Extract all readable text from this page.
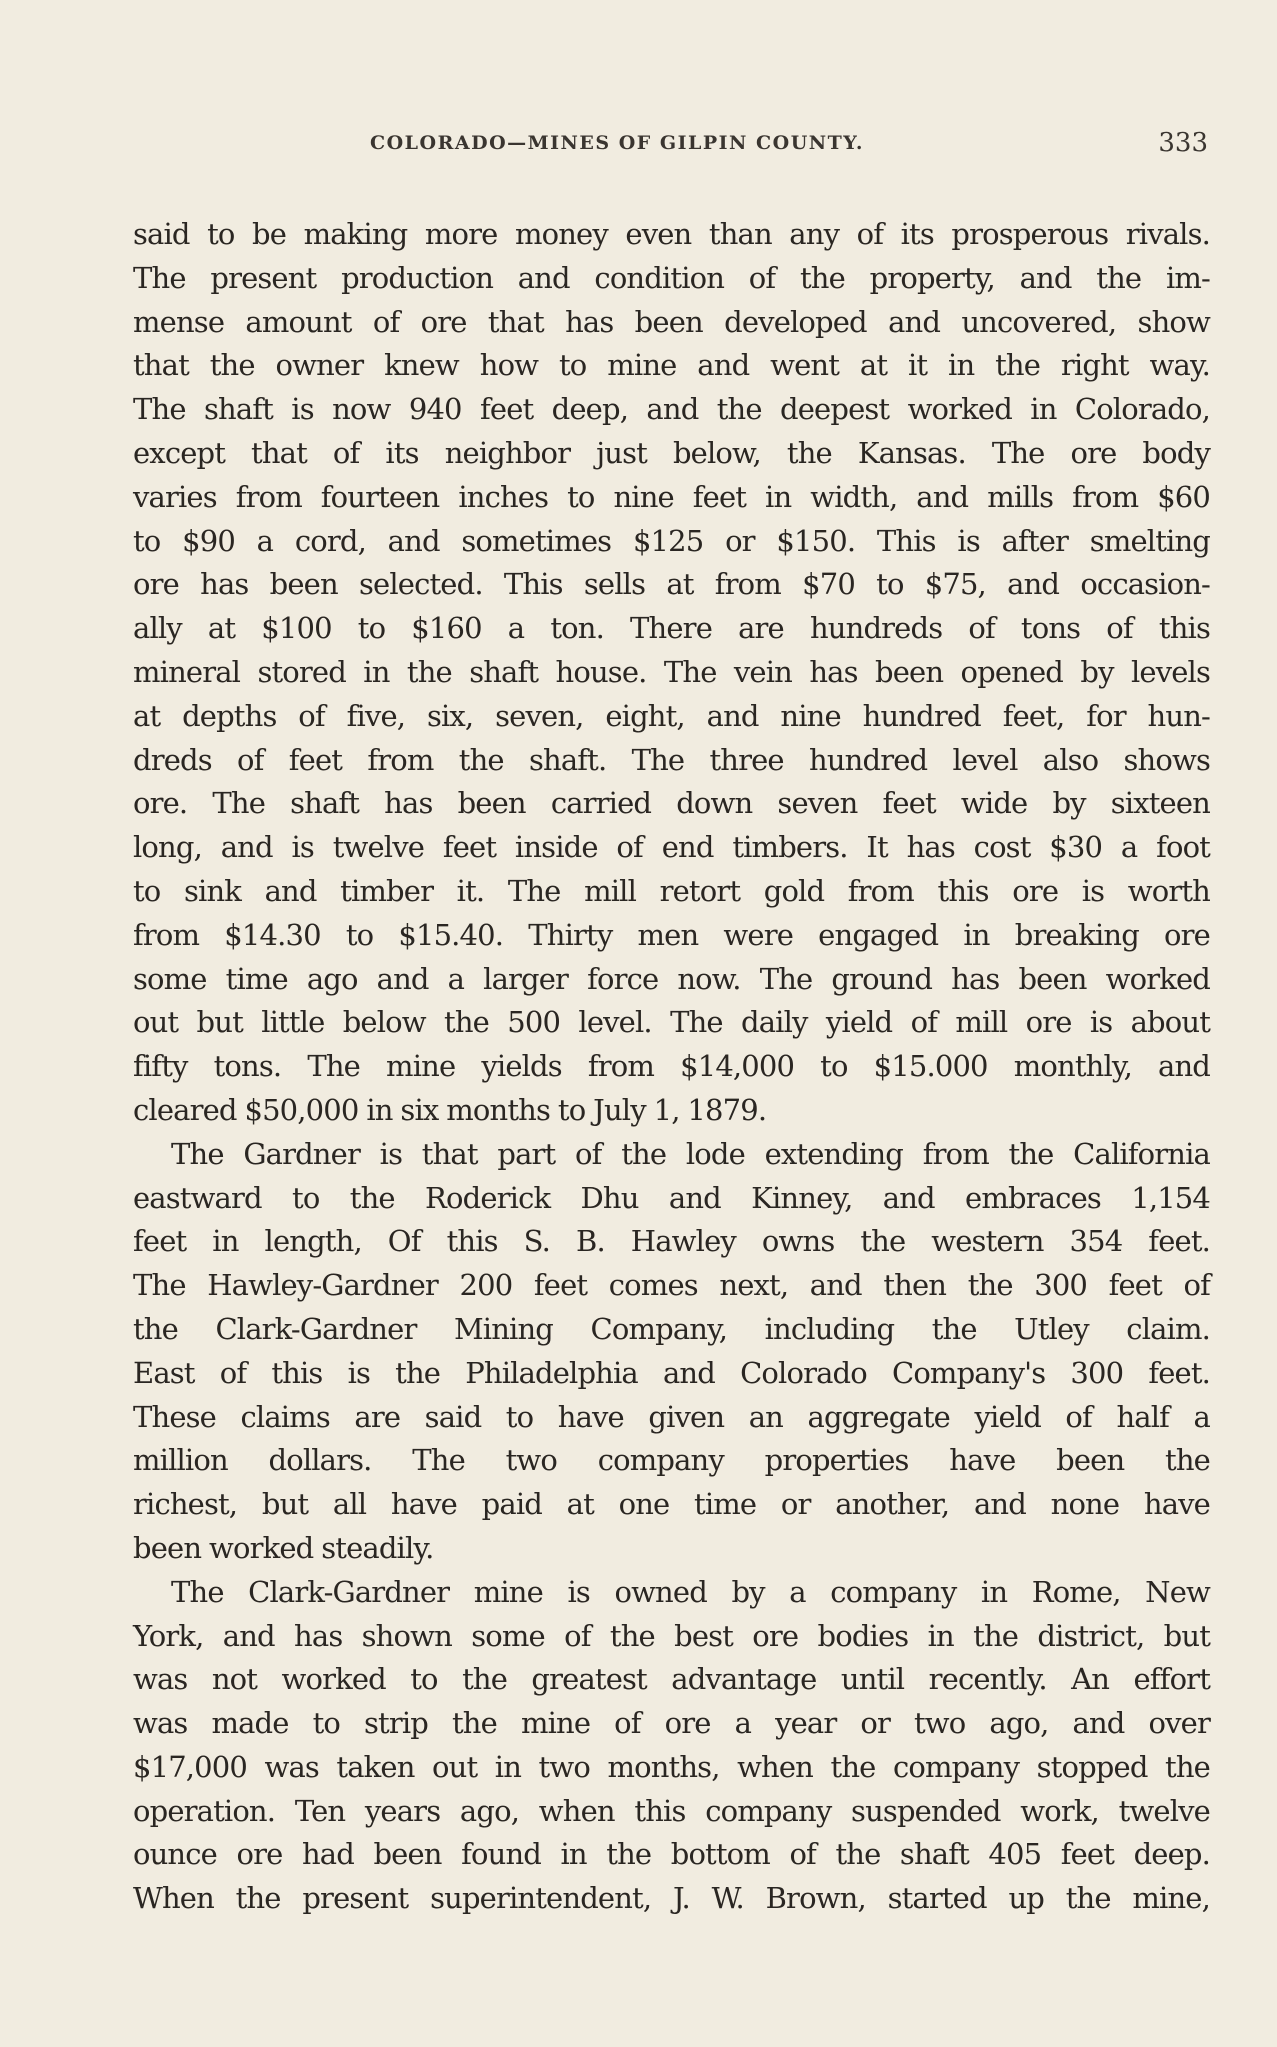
COLORADO—MINES OF GILPIN COUNTY.	333
said to be making more money even than any of its prosperous rivals.
The present production and condition of the property, and the im-
mense amount of ore that has been developed and uncovered, show
that the owner knew how to mine and went at it in the right way.
The shaft is now 940 feet deep, and the deepest worked in Colorado,
except that of its neighbor just below, the Kansas. The ore body
varies from fourteen inches to nine feet in width, and mills from $60
to $90 a cord, and sometimes $125 or $150. This is after smelting
ore has been selected. This sells at from $70 to $75, and occasion-
ally at $100 to $160 a ton. There are hundreds of tons of this
mineral stored in the shaft house. The vein has been opened by levels
at depths of five, six, seven, eight, and nine hundred feet, for hun-
dreds of feet from the shaft. The three hundred level also shows
ore. The shaft has been carried down seven feet wide by sixteen
long, and is twelve feet inside of end timbers. It has cost $30 a foot
to sink and timber it. The mill retort gold from this ore is worth
from $14.30 to $15.40. Thirty men were engaged in breaking ore
some time ago and a larger force now. The ground has been worked
out but little below the 500 level. The daily yield of mill ore is about
fifty tons. The mine yields from $14,000 to $15.000 monthly, and
cleared $50,000 in six months to July 1, 1879.
The Gardner is that part of the lode extending from the California
eastward to the Roderick Dhu and Kinney, and embraces 1,154
feet in length, Of this S. B. Hawley owns the western 354 feet.
The Hawley-Gardner 200 feet comes next, and then the 300 feet of
the Clark-Gardner Mining Company, including the Utley claim.
East of this is the Philadelphia and Colorado Company's 300 feet.
These claims are said to have given an aggregate yield of half a
million dollars. The two company properties have been the
richest, but all have paid at one time or another, and none have
been worked steadily.
The Clark-Gardner mine is owned by a company in Rome, New
York, and has shown some of the best ore bodies in the district, but
was not worked to the greatest advantage until recently. An effort
was made to strip the mine of ore a year or two ago, and over
$17,000 was taken out in two months, when the company stopped the
operation. Ten years ago, when this company suspended work, twelve
ounce ore had been found in the bottom of the shaft 405 feet deep.
When the present superintendent, J. W. Brown, started up the mine,
